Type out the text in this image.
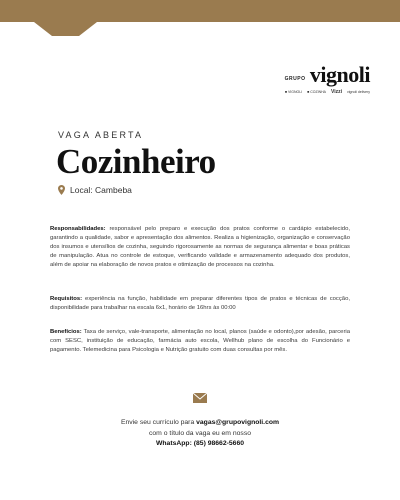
GRUPO vignoli
■ VIGNOLI ■ COZINHA Vizzi vignoli delivery
VAGA ABERTA
Cozinheiro
Local: Cambeba
Responsabilidades: responsável pelo preparo e execução dos pratos conforme o cardápio estabelecido, garantindo a qualidade, sabor e apresentação dos alimentos. Realiza a higienização, organização e conservação dos insumos e utensílios de cozinha, seguindo rigorosamente as normas de segurança alimentar e boas práticas de manipulação. Atua no controle de estoque, verificando validade e armazenamento adequado dos produtos, além de apoiar na elaboração de novos pratos e otimização de processos na cozinha.
Requisitos: experiência na função, habilidade em preparar diferentes tipos de pratos e técnicas de cocção, disponibilidade para trabalhar na escala 6x1, horário de 16hrs às 00:00
Benefícios: Taxa de serviço, vale-transporte, alimentação no local, planos (saúde e odonto),por adesão, parceria com SESC, instituição de educação, farmácia auto escola, Wellhub plano de escolha do Funcionário e pagamento. Telemedicina para Psicologia e Nutrição gratuito com duas consultas por mês.
Envie seu currículo para vagas@grupovignoli.com
com o título da vaga eu em nosso
WhatsApp: (85) 98662-5660
